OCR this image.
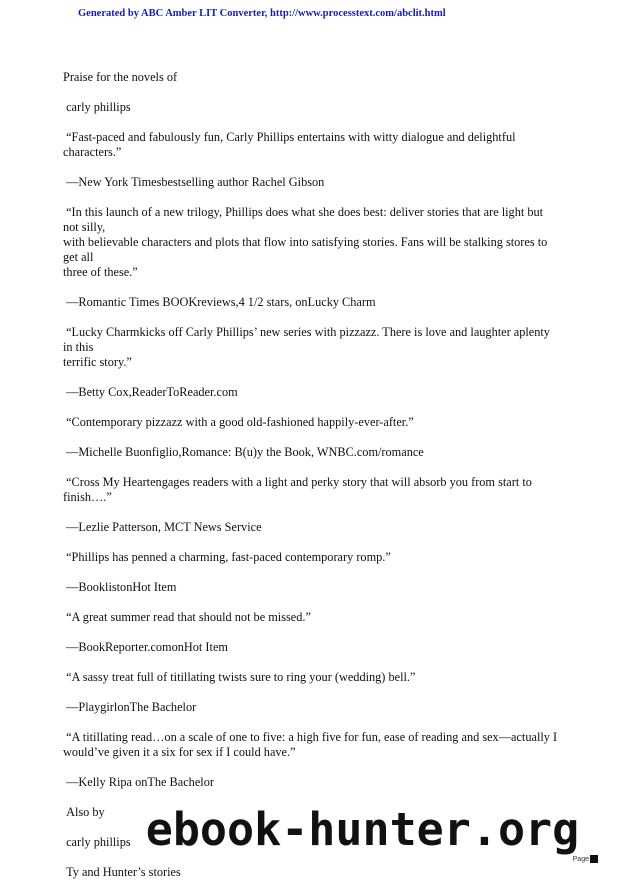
Generated by ABC Amber LIT Converter, http://www.processtext.com/abclit.html

Praise for the novels of

carly phillips

“Fast-paced and fabulously fun, Carly Phillips entertains with witty dialogue and delightful characters.”

—New York Timesbestselling author Rachel Gibson

“In this launch of a new trilogy, Phillips does what she does best: deliver stories that are light but not silly,

with believable characters and plots that flow into satisfying stories. Fans will be stalking stores to get all

three of these.”

—Romantic Times BOOKreviews,4 1/2 stars, onLucky Charm

“Lucky Charmkicks off Carly Phillips’ new series with pizzazz. There is love and laughter aplenty in this

terrific story.”

—Betty Cox,ReaderToReader.com

“Contemporary pizzazz with a good old-fashioned happily-ever-after.”

—Michelle Buonfiglio,Romance: B(u)y the Book, WNBC.com/romance

“Cross My Heartengages readers with a light and perky story that will absorb you from start to

finish….”

—Lezlie Patterson, MCT News Service

“Phillips has penned a charming, fast-paced contemporary romp.”

—BooklistonHot Item

“A great summer read that should not be missed.”

—BookReporter.comonHot Item

“A sassy treat full of titillating twists sure to ring your (wedding) bell.”

—PlaygirlonThe Bachelor

“A titillating read…on a scale of one to five: a high five for fun, ease of reading and sex—actually I

would’ve given it a six for sex if I could have.”

—Kelly Ripa onThe Bachelor

Also by

carly phillips

Ty and Hunter’s stories

ebook-hunter.org
Page
